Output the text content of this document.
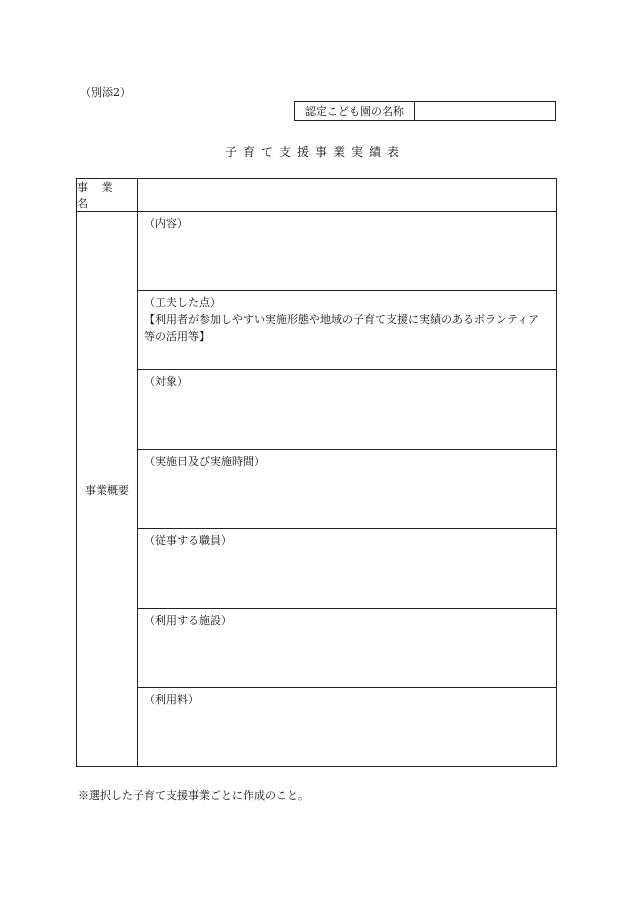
（別添2）
認定こども園の名称
子育て支援事業実績表
事 業 名
事業概要
（内容）
（工夫した点）
【利用者が参加しやすい実施形態や地域の子育て支援に実績のあるボランティア等の活用等】
（対象）
（実施日及び実施時間）
（従事する職員）
（利用する施設）
（利用料）
※選択した子育て支援事業ごとに作成のこと。
